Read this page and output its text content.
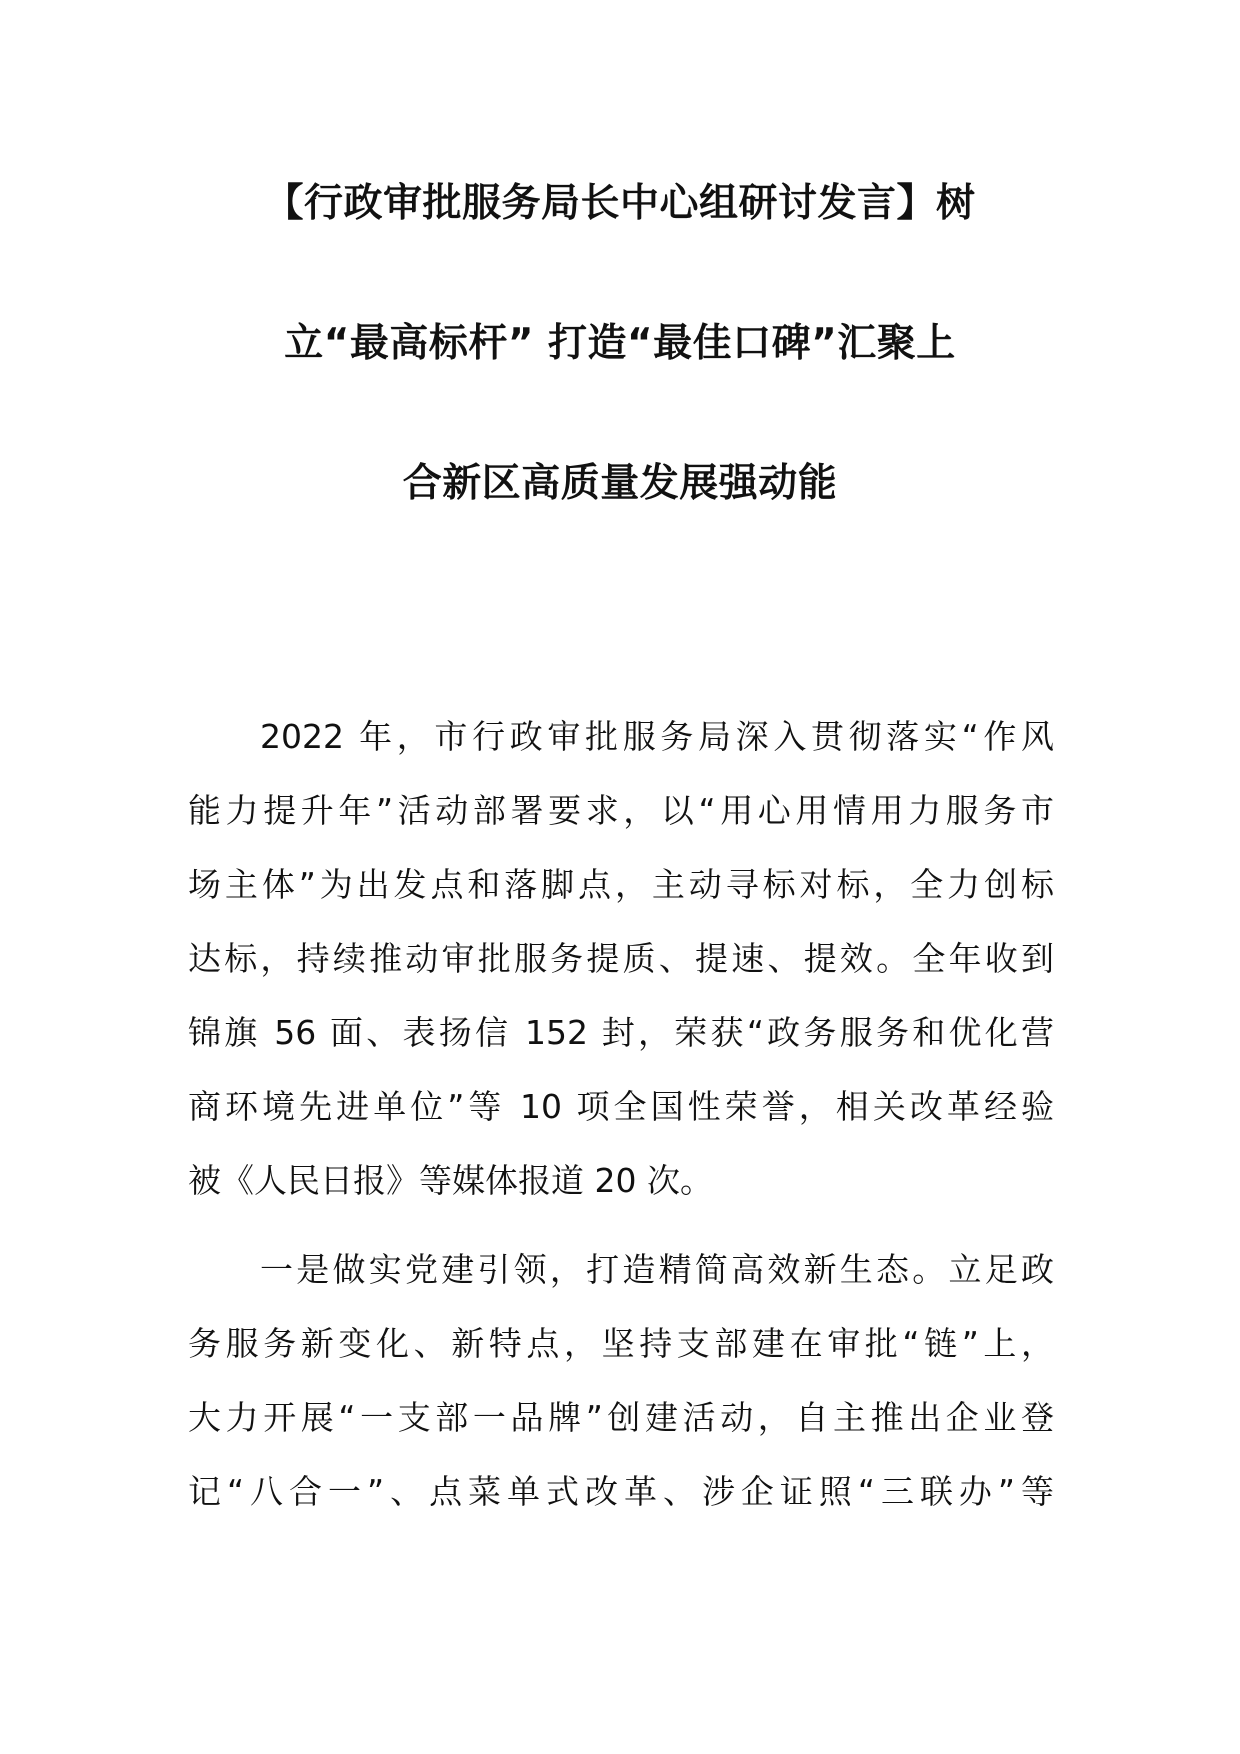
【行政审批服务局长中心组研讨发言】树
立“最高标杆” 打造“最佳口碑”汇聚上
合新区高质量发展强动能
2022 年，市行政审批服务局深入贯彻落实“作风
能力提升年”活动部署要求，以“用心用情用力服务市
场主体”为出发点和落脚点，主动寻标对标，全力创标
达标，持续推动审批服务提质、提速、提效。全年收到
锦旗 56 面、表扬信 152 封，荣获“政务服务和优化营
商环境先进单位”等 10 项全国性荣誉，相关改革经验
被《人民日报》等媒体报道 20 次。
一是做实党建引领，打造精简高效新生态。立足政
务服务新变化、新特点，坚持支部建在审批“链”上，
大力开展“一支部一品牌”创建活动，自主推出企业登
记“八合一”、点菜单式改革、涉企证照“三联办”等
